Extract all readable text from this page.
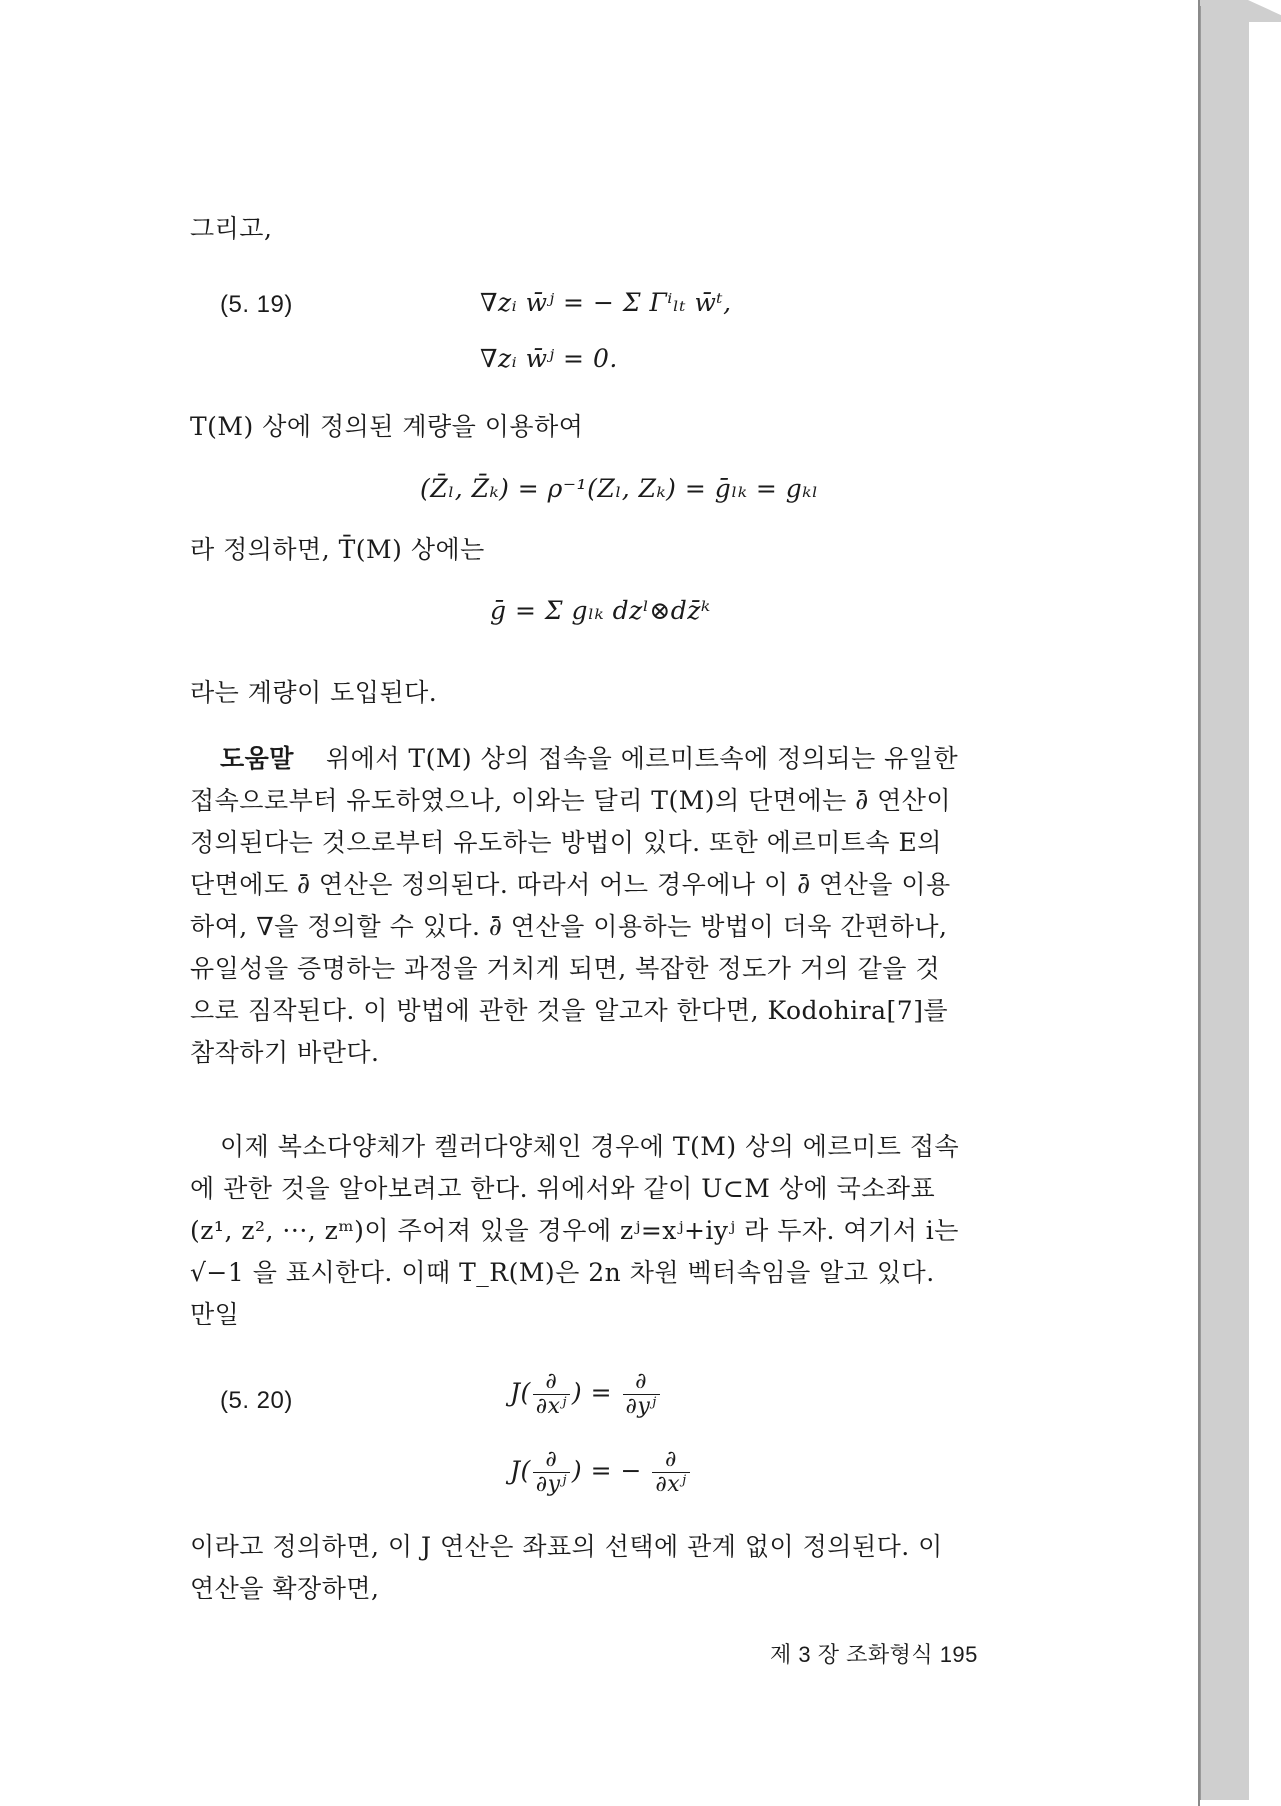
그리고,
(5. 19)	∇zᵢ w̄ʲ = − Σ Γⁱₗₜ w̄ᵗ,
∇zᵢ w̄ʲ = 0.
T(M) 상에 정의된 계량을 이용하여
(Z̄ₗ, Z̄ₖ) = ρ⁻¹(Zₗ, Zₖ) = ḡₗₖ = gₖₗ
라 정의하면, T̄(M) 상에는
ḡ = Σ gₗₖ dzˡ⊗dz̄ᵏ
라는 계량이 도입된다.
도움말 위에서 T(M) 상의 접속을 에르미트속에 정의되는 유일한
접속으로부터 유도하였으나, 이와는 달리 T(M)의 단면에는 ∂̄ 연산이
정의된다는 것으로부터 유도하는 방법이 있다. 또한 에르미트속 E의
단면에도 ∂̄ 연산은 정의된다. 따라서 어느 경우에나 이 ∂̄ 연산을 이용
하여, ∇을 정의할 수 있다. ∂̄ 연산을 이용하는 방법이 더욱 간편하나,
유일성을 증명하는 과정을 거치게 되면, 복잡한 정도가 거의 같을 것
으로 짐작된다. 이 방법에 관한 것을 알고자 한다면, Kodohira[7]를
참작하기 바란다.
이제 복소다양체가 켈러다양체인 경우에 T(M) 상의 에르미트 접속
에 관한 것을 알아보려고 한다. 위에서와 같이 U⊂M 상에 국소좌표
(z¹, z², ···, zᵐ)이 주어져 있을 경우에 zʲ=xʲ+iyʲ 라 두자. 여기서 i는
√−1 을 표시한다. 이때 T_R(M)은 2n 차원 벡터속임을 알고 있다.
만일
(5. 20)	$J( \frac{\partial}{\text{∂xʲ}}$ ) = $\frac{\partial}{\text{∂yʲ}}$
$J( \frac{\partial}{\text{∂yʲ}}$ ) = − $\frac{\partial}{\text{∂xʲ}}$
이라고 정의하면, 이 J 연산은 좌표의 선택에 관계 없이 정의된다. 이
연산을 확장하면,
제 3 장 조화형식 195
